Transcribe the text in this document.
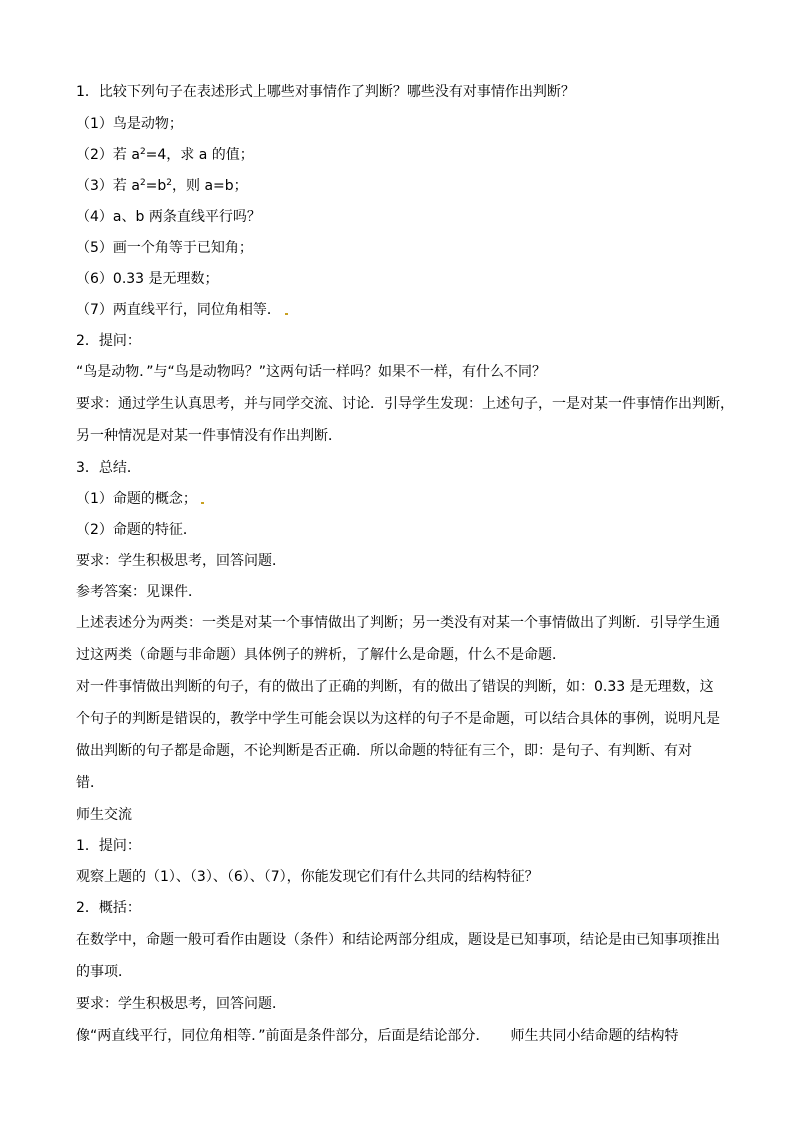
1．比较下列句子在表述形式上哪些对事情作了判断？哪些没有对事情作出判断？
（1）鸟是动物；
（2）若 $a^2=4$，求 a 的值；
（3）若 $a^2=b^2$，则 a=b；
（4）a、b 两条直线平行吗？
（5）画一个角等于已知角；
（6）0.33 是无理数；
（7）两直线平行，同位角相等．
2．提问：
“鸟是动物．”与“鸟是动物吗？”这两句话一样吗？如果不一样，有什么不同？
要求：通过学生认真思考，并与同学交流、讨论．引导学生发现：上述句子，一是对某一件事情作出判断，
另一种情况是对某一件事情没有作出判断．
3．总结．
（1）命题的概念；
（2）命题的特征．
要求：学生积极思考，回答问题．
参考答案：见课件．
上述表述分为两类：一类是对某一个事情做出了判断；另一类没有对某一个事情做出了判断．引导学生通
过这两类（命题与非命题）具体例子的辨析，了解什么是命题，什么不是命题．
对一件事情做出判断的句子，有的做出了正确的判断，有的做出了错误的判断，如：0.33 是无理数，这
个句子的判断是错误的，教学中学生可能会误以为这样的句子不是命题，可以结合具体的事例，说明凡是
做出判断的句子都是命题，不论判断是否正确．所以命题的特征有三个，即：是句子、有判断、有对
错．
师生交流
1．提问：
观察上题的（1）、（3）、（6）、（7），你能发现它们有什么共同的结构特征？
2．概括：
在数学中，命题一般可看作由题设（条件）和结论两部分组成，题设是已知事项，结论是由已知事项推出
的事项．
要求：学生积极思考，回答问题．
像“两直线平行，同位角相等．”前面是条件部分，后面是结论部分．　　师生共同小结命题的结构特
